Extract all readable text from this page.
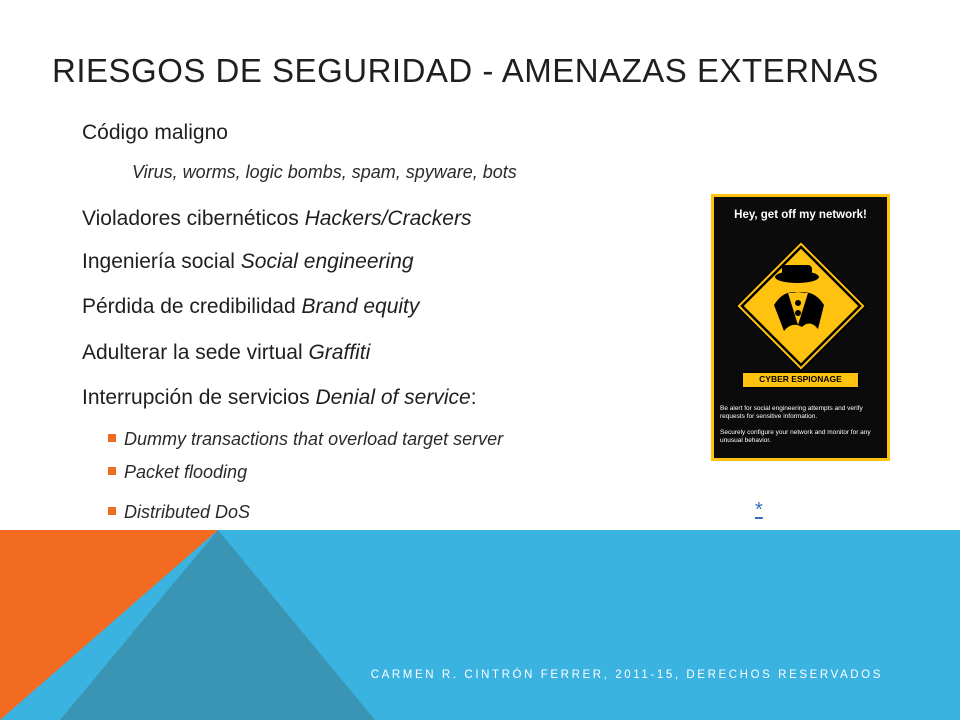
RIESGOS DE SEGURIDAD - AMENAZAS EXTERNAS
Código maligno
Virus, worms, logic bombs, spam, spyware, bots
Violadores cibernéticos Hackers/Crackers
Ingeniería social Social engineering
Pérdida de credibilidad Brand equity
Adulterar la sede virtual Graffiti
Interrupción de servicios Denial of service:
Dummy transactions that overload target server
Packet flooding
Distributed DoS	*
Hey, get off my network!
CYBER ESPIONAGE
Be alert for social engineering attempts and verify requests for sensitive information.
Securely configure your network and monitor for any unusual behavior.
CARMEN R. CINTRÓN FERRER, 2011-15, DERECHOS RESERVADOS
